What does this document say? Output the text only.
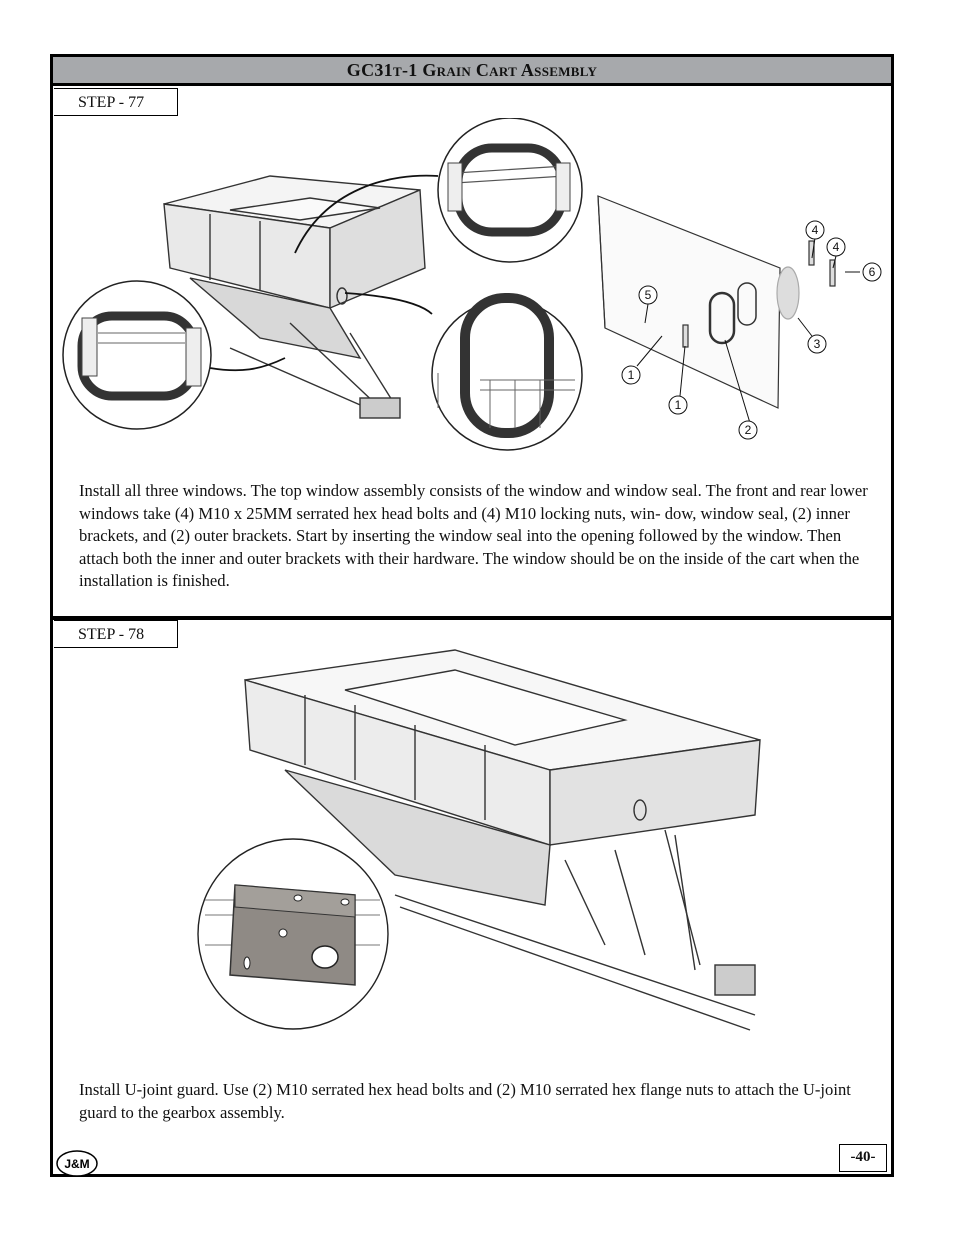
GC31t-1 Grain Cart Assembly
STEP - 77
4
4
6
5
3
1
1
2
Install all three windows. The top window assembly consists of the window and window seal. The front and rear lower windows take (4) M10 x 25MM serrated hex head bolts and (4) M10 locking nuts, win- dow, window seal, (2) inner brackets, and (2) outer brackets. Start by inserting the window seal into the opening followed by the window. Then attach both the inner and outer brackets with their hardware. The window should be on the inside of the cart when the installation is finished.
STEP - 78
Install U-joint guard. Use (2) M10 serrated hex head bolts and (2) M10 serrated hex flange nuts to attach the U-joint guard to the gearbox assembly.
J&M	-40-
